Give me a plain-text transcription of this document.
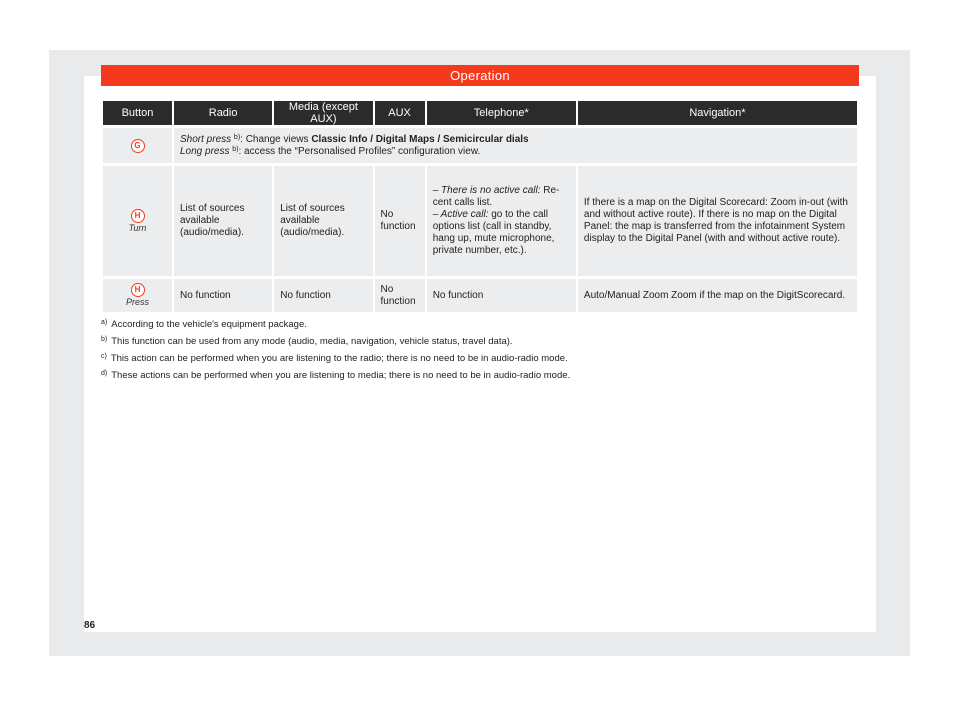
Operation
Button	Radio	Media (except AUX)	AUX	Telephone*	Navigation*
G	Short press $^{b)}$: Change views Classic Info / Digital Maps / Semicircular dials
Long press $^{b)}$: access the “Personalised Profiles” configuration view.				
H
Turn	List of sources available (audio/media).	List of sources available (audio/media).	No function	– There is no active call: Re-cent calls list.
– Active call: go to the call options list (call in standby, hang up, mute microphone, private number, etc.).	If there is a map on the Digital Scorecard: Zoom in-out (with and without active route). If there is no map on the Digital Panel: the map is transferred from the infotainment System display to the Digital Panel (with and without active route).
H
Press	No function	No function	No function	No function	Auto/Manual Zoom Zoom if the map on the DigitScorecard.
$^{a)}$ According to the vehicle's equipment package.
$^{b)}$ This function can be used from any mode (audio, media, navigation, vehicle status, travel data).
$^{c)}$ This action can be performed when you are listening to the radio; there is no need to be in audio-radio mode.
$^{d)}$ These actions can be performed when you are listening to media; there is no need to be in audio-radio mode.
86
